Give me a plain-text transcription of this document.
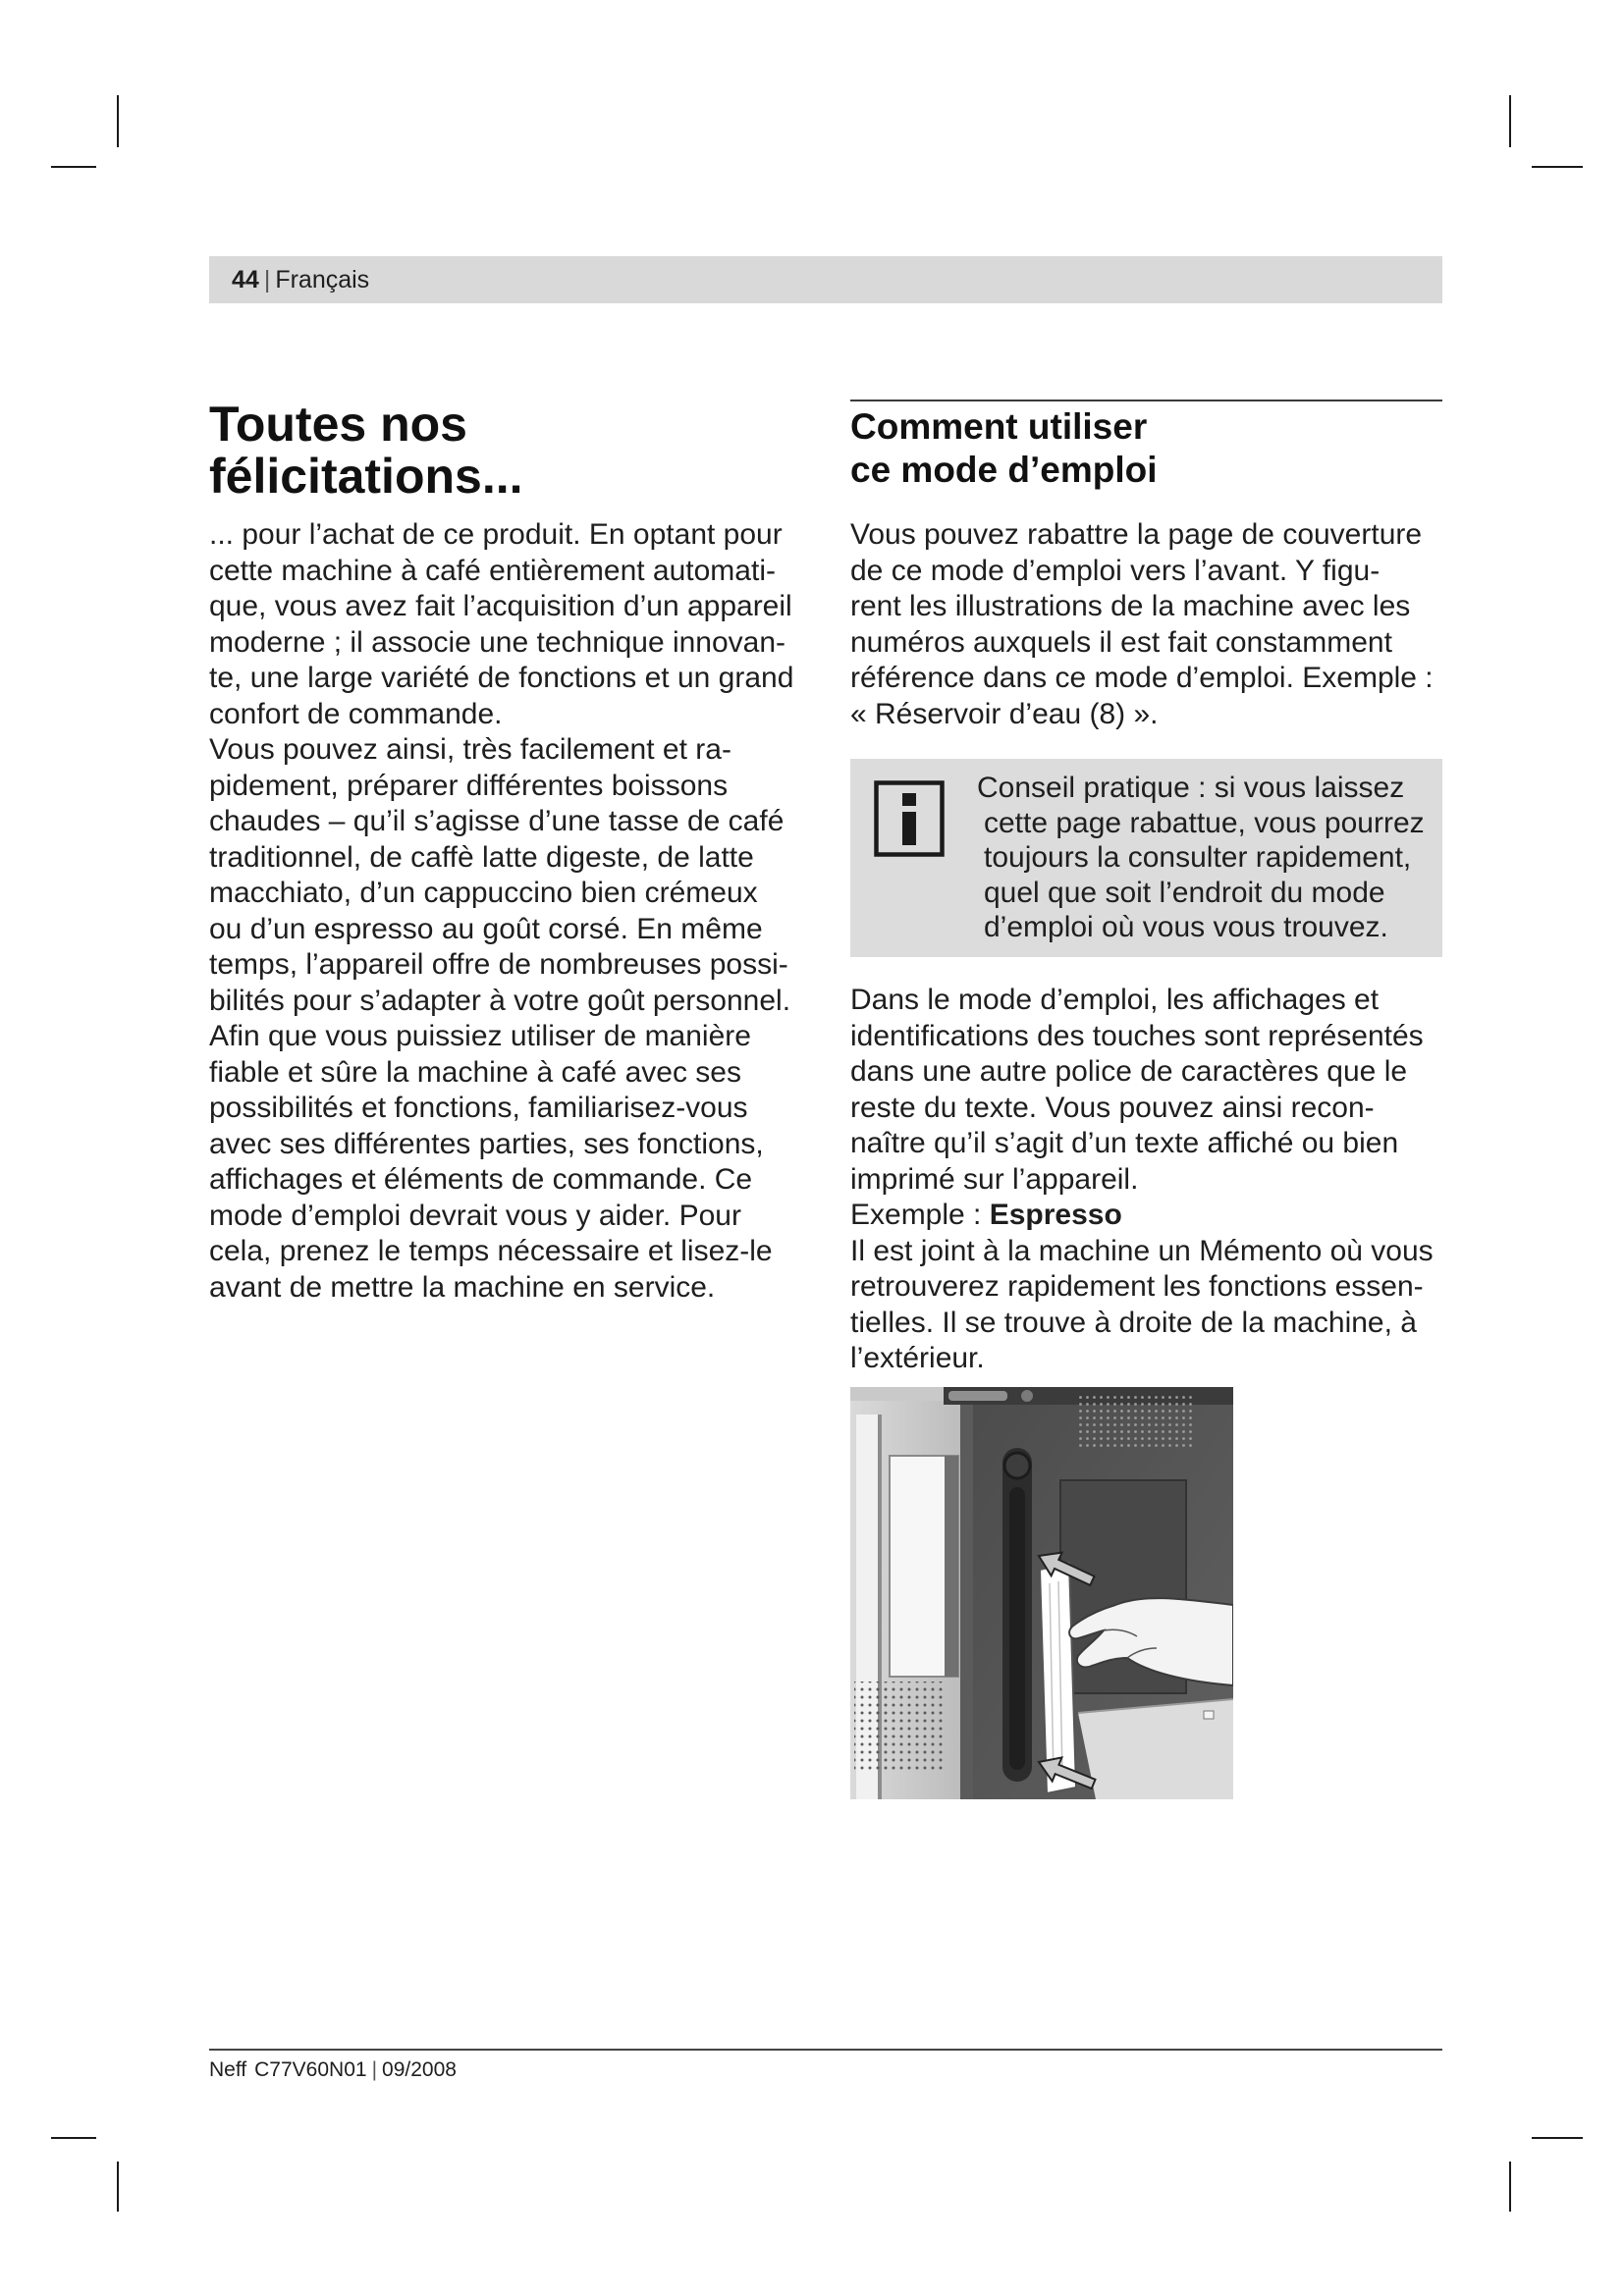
44 | Français
Toutes nos
félicitations...
... pour l’achat de ce produit. En optant pour
cette machine à café entièrement automati-
que, vous avez fait l’acquisition d’un appareil
moderne ; il associe une technique innovan-
te, une large variété de fonctions et un grand
confort de commande.
Vous pouvez ainsi, très facilement et ra-
pidement, préparer différentes boissons
chaudes – qu’il s’agisse d’une tasse de café
traditionnel, de caffè latte digeste, de latte
macchiato, d’un cappuccino bien crémeux
ou d’un espresso au goût corsé. En même
temps, l’appareil offre de nombreuses possi-
bilités pour s’adapter à votre goût personnel.
Afin que vous puissiez utiliser de manière
fiable et sûre la machine à café avec ses
possibilités et fonctions, familiarisez-vous
avec ses différentes parties, ses fonctions,
affichages et éléments de commande. Ce
mode d’emploi devrait vous y aider. Pour
cela, prenez le temps nécessaire et lisez-le
avant de mettre la machine en service.
Comment utiliser
ce mode d’emploi
Vous pouvez rabattre la page de couverture
de ce mode d’emploi vers l’avant. Y figu-
rent les illustrations de la machine avec les
numéros auxquels il est fait constamment
référence dans ce mode d’emploi. Exemple :
« Réservoir d’eau (8) ».
Conseil pratique : si vous laissez
cette page rabattue, vous pourrez
toujours la consulter rapidement,
quel que soit l’endroit du mode
d’emploi où vous vous trouvez.
Dans le mode d’emploi, les affichages et
identifications des touches sont représentés
dans une autre police de caractères que le
reste du texte. Vous pouvez ainsi recon-
naître qu’il s’agit d’un texte affiché ou bien
imprimé sur l’appareil.
Exemple : Espresso
Il est joint à la machine un Mémento où vous
retrouverez rapidement les fonctions essen-
tielles. Il se trouve à droite de la machine, à
l’extérieur.
Neff C77V60N01 | 09/2008
